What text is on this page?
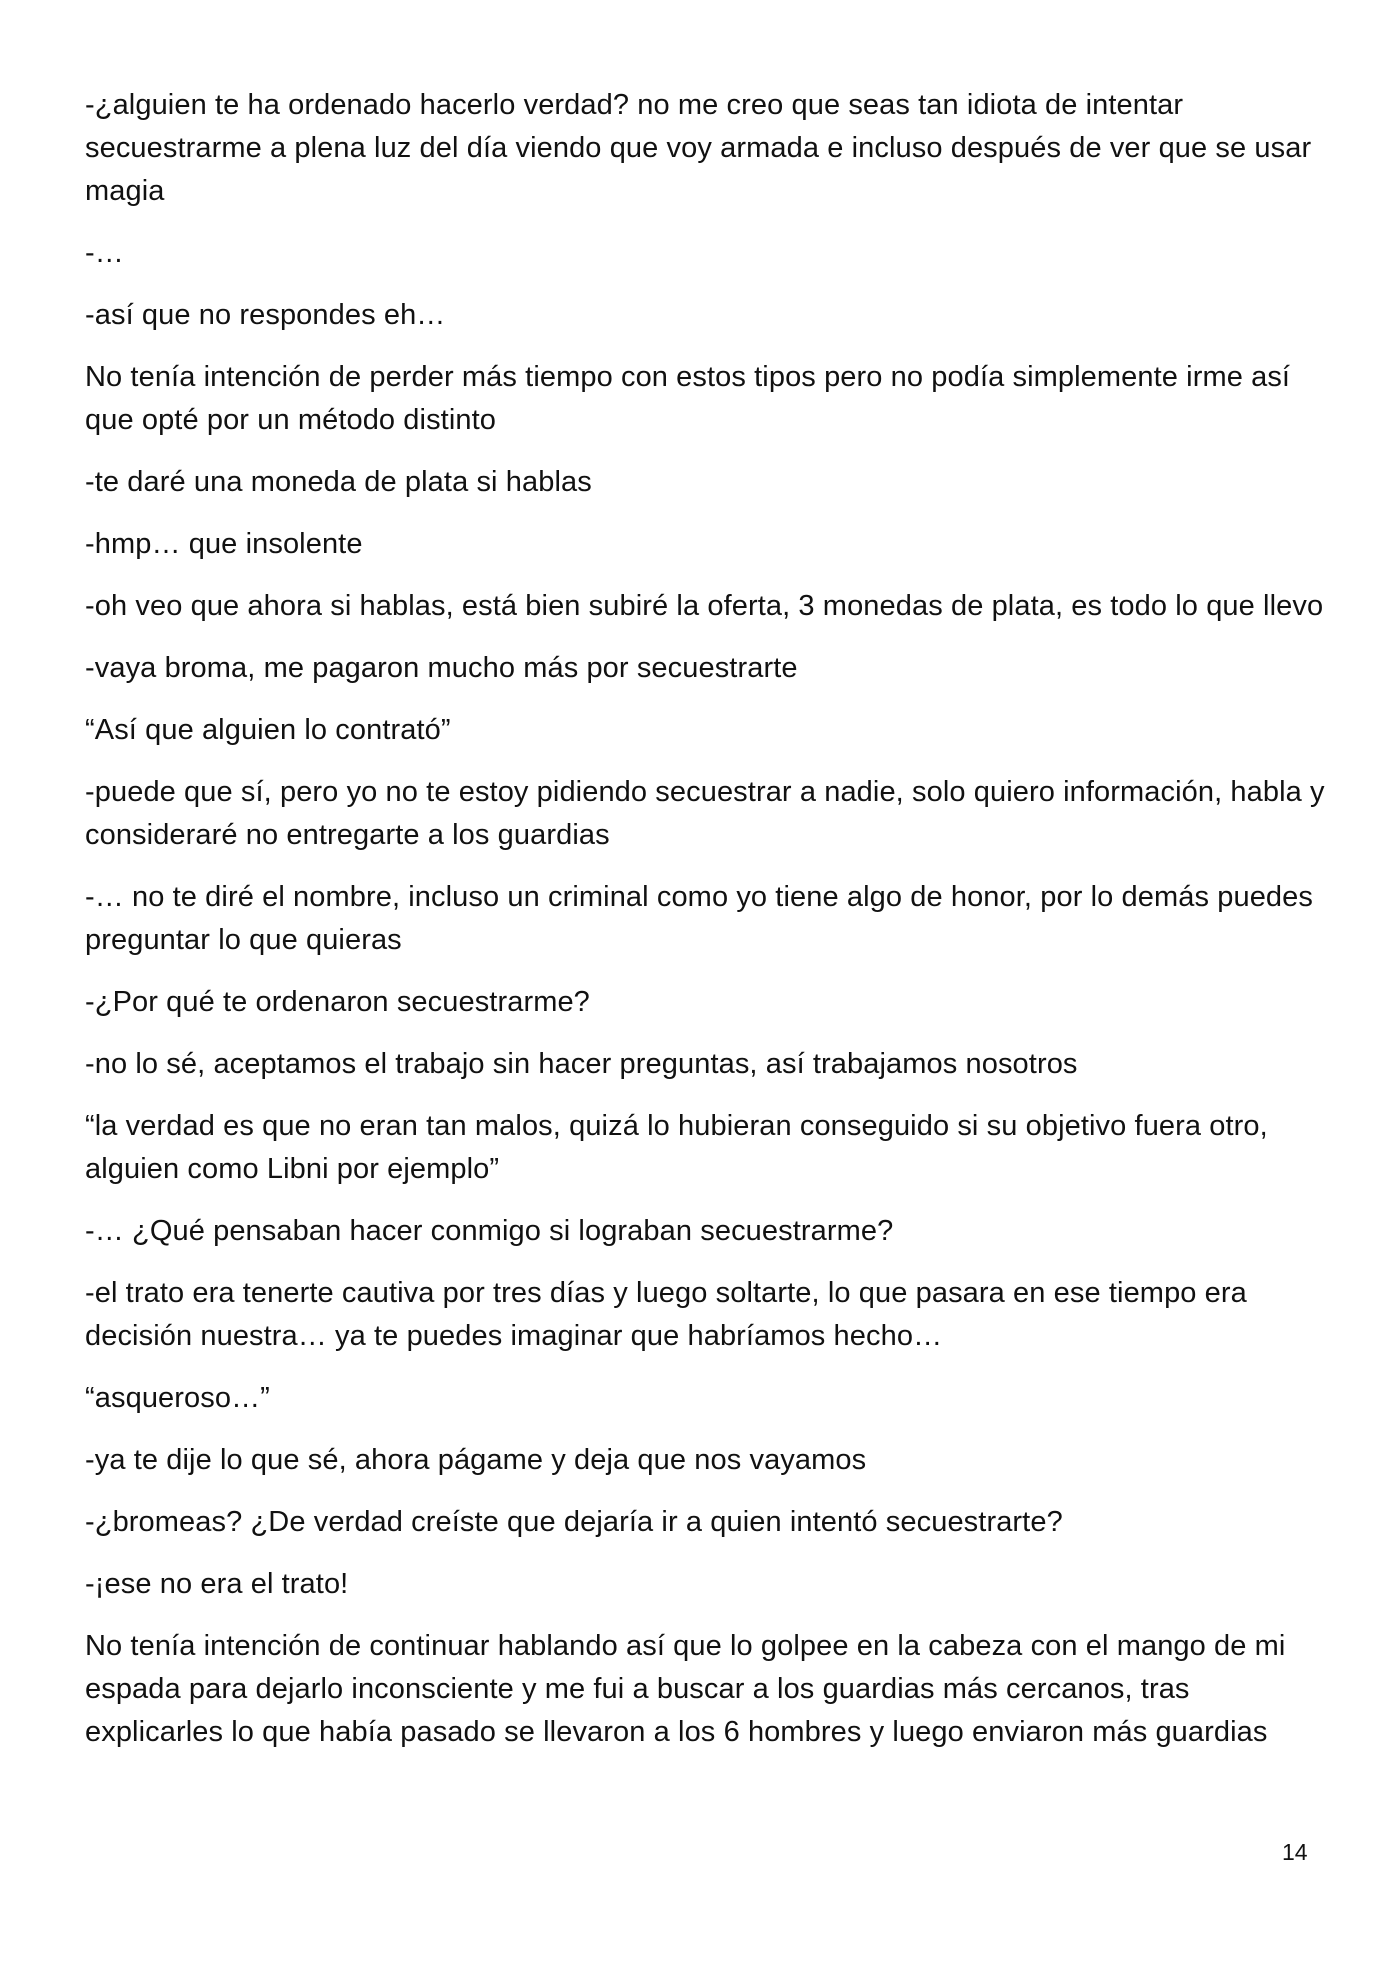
-¿alguien te ha ordenado hacerlo verdad? no me creo que seas tan idiota de intentar secuestrarme a plena luz del día viendo que voy armada e incluso después de ver que se usar magia

-…

-así que no respondes eh…

No tenía intención de perder más tiempo con estos tipos pero no podía simplemente irme así que opté por un método distinto

-te daré una moneda de plata si hablas

-hmp… que insolente

-oh veo que ahora si hablas, está bien subiré la oferta, 3 monedas de plata, es todo lo que llevo

-vaya broma, me pagaron mucho más por secuestrarte

“Así que alguien lo contrató”

-puede que sí, pero yo no te estoy pidiendo secuestrar a nadie, solo quiero información, habla y consideraré no entregarte a los guardias

-… no te diré el nombre, incluso un criminal como yo tiene algo de honor, por lo demás puedes preguntar lo que quieras

-¿Por qué te ordenaron secuestrarme?

-no lo sé, aceptamos el trabajo sin hacer preguntas, así trabajamos nosotros

“la verdad es que no eran tan malos, quizá lo hubieran conseguido si su objetivo fuera otro, alguien como Libni por ejemplo”

-… ¿Qué pensaban hacer conmigo si lograban secuestrarme?

-el trato era tenerte cautiva por tres días y luego soltarte, lo que pasara en ese tiempo era decisión nuestra… ya te puedes imaginar que habríamos hecho…

“asqueroso…”

-ya te dije lo que sé, ahora págame y deja que nos vayamos

-¿bromeas? ¿De verdad creíste que dejaría ir a quien intentó secuestrarte?

-¡ese no era el trato!

No tenía intención de continuar hablando así que lo golpee en la cabeza con el mango de mi espada para dejarlo inconsciente y me fui a buscar a los guardias más cercanos, tras explicarles lo que había pasado se llevaron a los 6 hombres y luego enviaron más guardias

14
